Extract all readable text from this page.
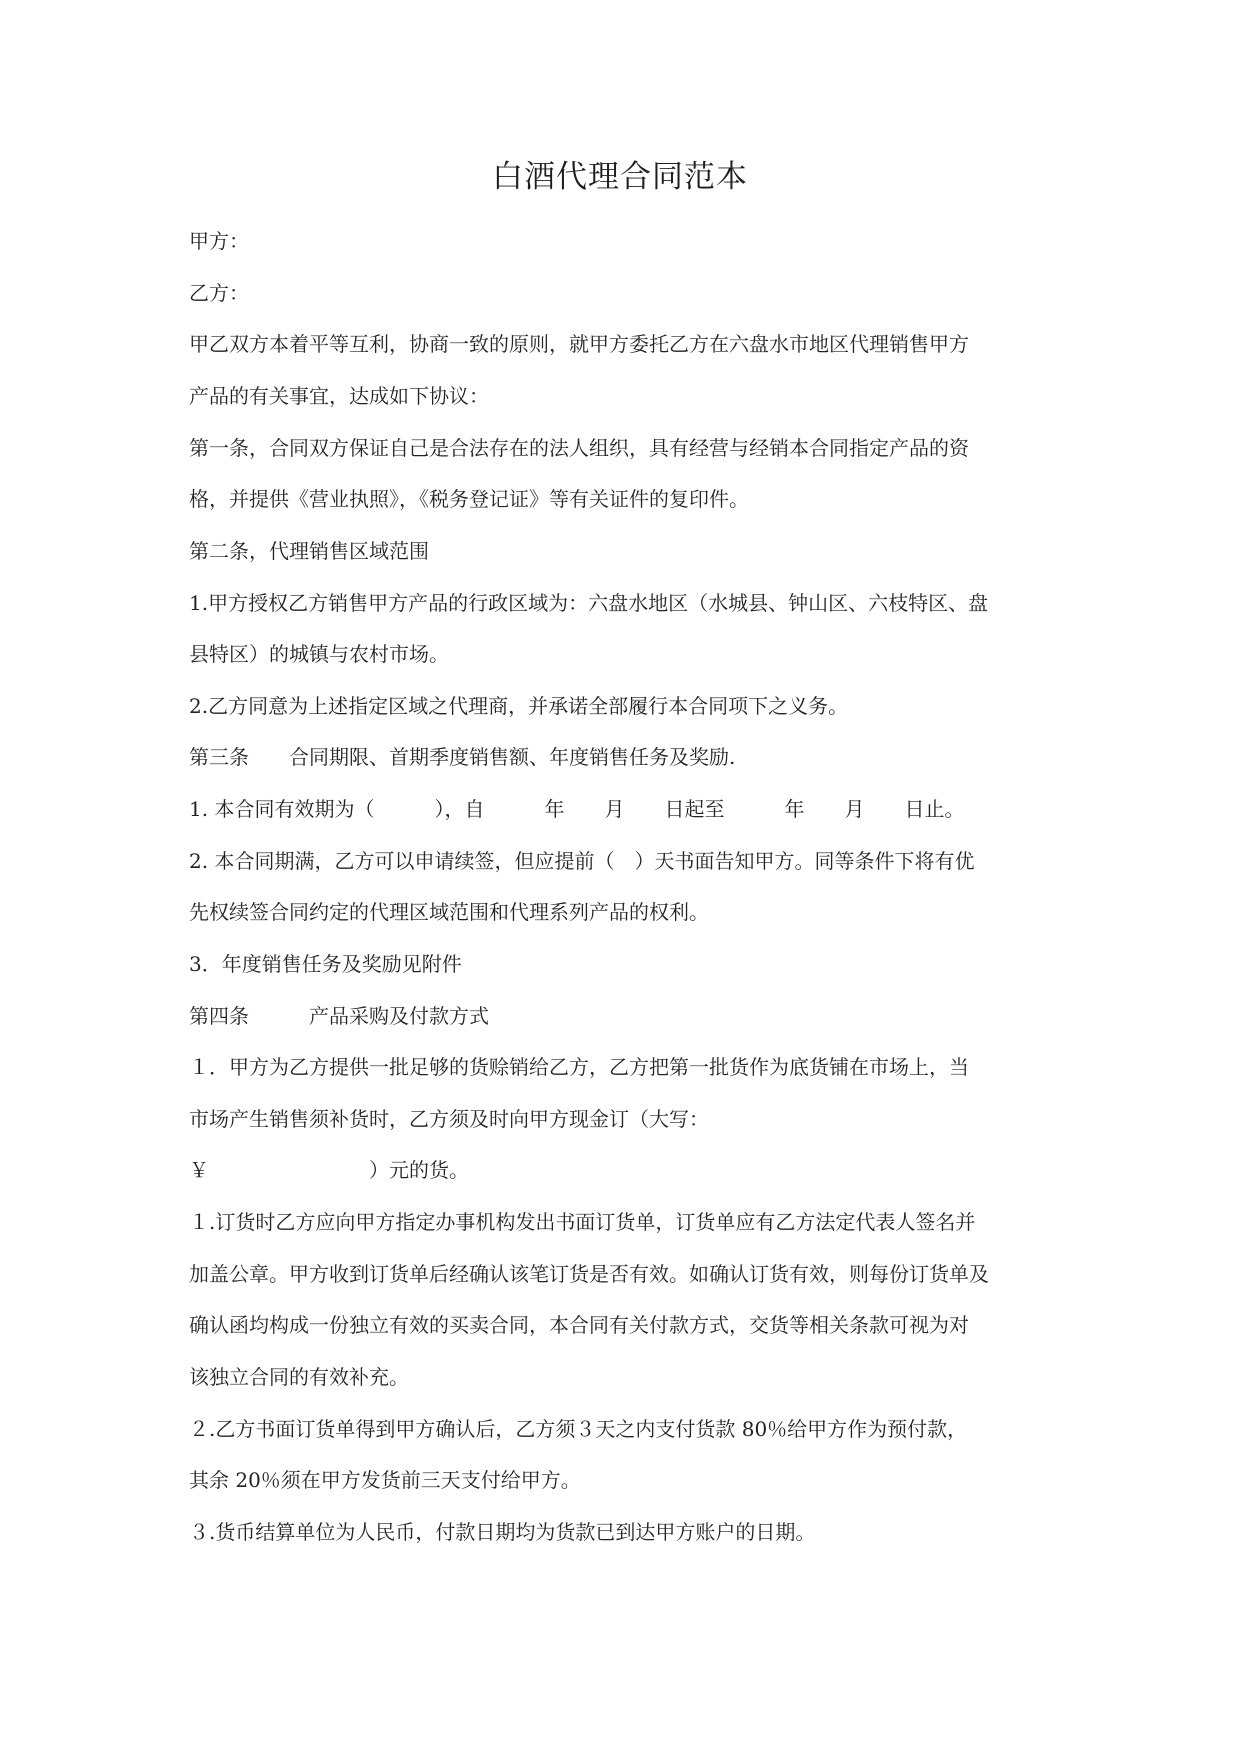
白酒代理合同范本
甲方：
乙方：
甲乙双方本着平等互利，协商一致的原则，就甲方委托乙方在六盘水市地区代理销售甲方
产品的有关事宜，达成如下协议：
第一条，合同双方保证自己是合法存在的法人组织，具有经营与经销本合同指定产品的资
格，并提供《营业执照》，《税务登记证》等有关证件的复印件。
第二条，代理销售区域范围
1.甲方授权乙方销售甲方产品的行政区域为：六盘水地区（水城县、钟山区、六枝特区、盘
县特区）的城镇与农村市场。
2.乙方同意为上述指定区域之代理商，并承诺全部履行本合同项下之义务。
第三条　　合同期限、首期季度销售额、年度销售任务及奖励.
1. 本合同有效期为（　　　），自　　　年　　月　　日起至　　　年　　月　　日止。
2. 本合同期满，乙方可以申请续签，但应提前（　）天书面告知甲方。同等条件下将有优
先权续签合同约定的代理区域范围和代理系列产品的权利。
3．年度销售任务及奖励见附件
第四条　　　产品采购及付款方式
１．甲方为乙方提供一批足够的货赊销给乙方，乙方把第一批货作为底货铺在市场上，当
市场产生销售须补货时，乙方须及时向甲方现金订（大写：
￥　　　　　　　　）元的货。
１.订货时乙方应向甲方指定办事机构发出书面订货单，订货单应有乙方法定代表人签名并
加盖公章。甲方收到订货单后经确认该笔订货是否有效。如确认订货有效，则每份订货单及
确认函均构成一份独立有效的买卖合同，本合同有关付款方式，交货等相关条款可视为对
该独立合同的有效补充。
２.乙方书面订货单得到甲方确认后，乙方须３天之内支付货款 80％给甲方作为预付款，
其余 20％须在甲方发货前三天支付给甲方。
３.货币结算单位为人民币，付款日期均为货款已到达甲方账户的日期。
